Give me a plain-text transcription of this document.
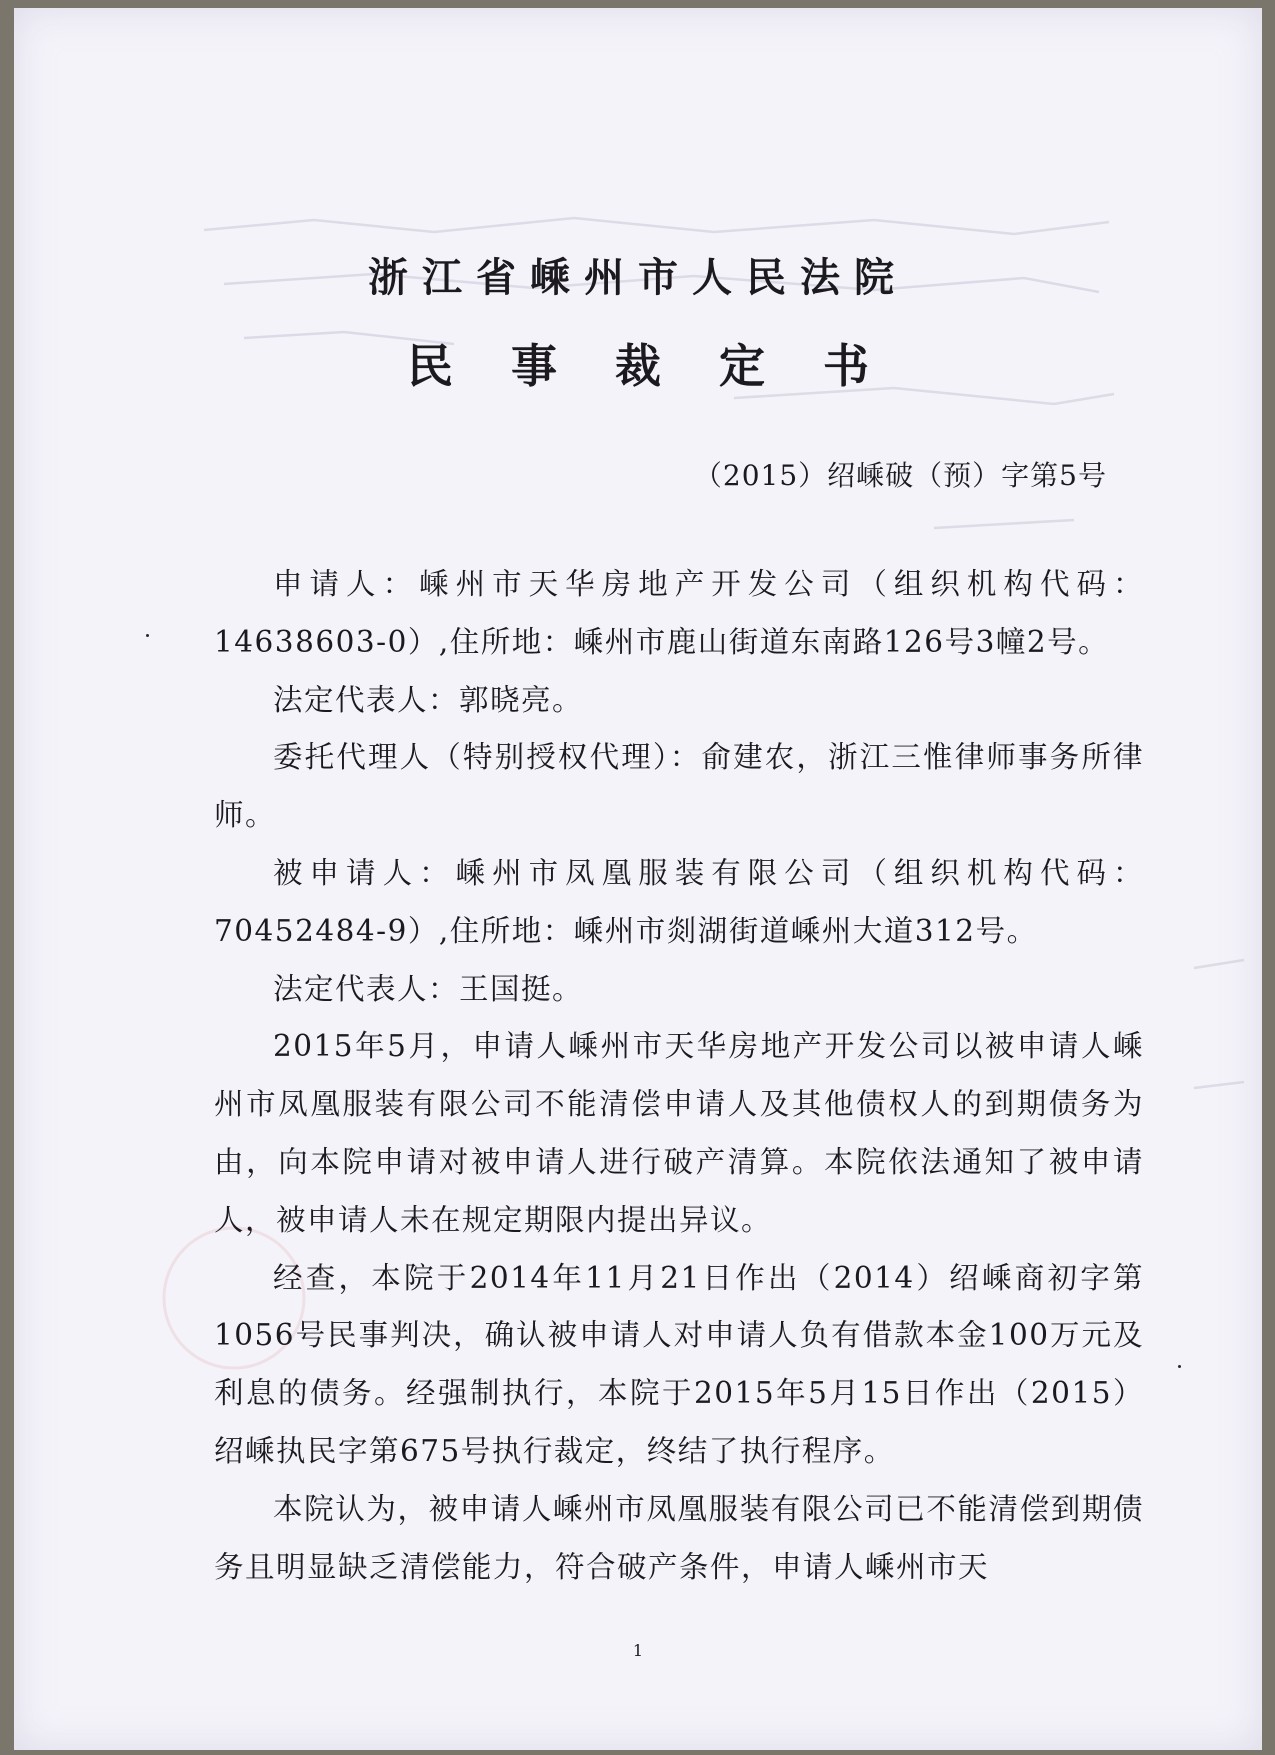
浙江省嵊州市人民法院
民事裁定书
（2015）绍嵊破（预）字第5号

申请人：嵊州市天华房地产开发公司（组织机构代码：14638603-0）,住所地：嵊州市鹿山街道东南路126号3幢2号。

法定代表人：郭晓亮。

委托代理人（特别授权代理）：俞建农，浙江三惟律师事务所律师。

被申请人：嵊州市凤凰服装有限公司（组织机构代码：70452484-9）,住所地：嵊州市剡湖街道嵊州大道312号。

法定代表人：王国挺。

2015年5月，申请人嵊州市天华房地产开发公司以被申请人嵊州市凤凰服装有限公司不能清偿申请人及其他债权人的到期债务为由，向本院申请对被申请人进行破产清算。本院依法通知了被申请人，被申请人未在规定期限内提出异议。

经查，本院于2014年11月21日作出（2014）绍嵊商初字第1056号民事判决，确认被申请人对申请人负有借款本金100万元及利息的债务。经强制执行，本院于2015年5月15日作出（2015）绍嵊执民字第675号执行裁定，终结了执行程序。

本院认为，被申请人嵊州市凤凰服装有限公司已不能清偿到期债务且明显缺乏清偿能力，符合破产条件，申请人嵊州市天

1
